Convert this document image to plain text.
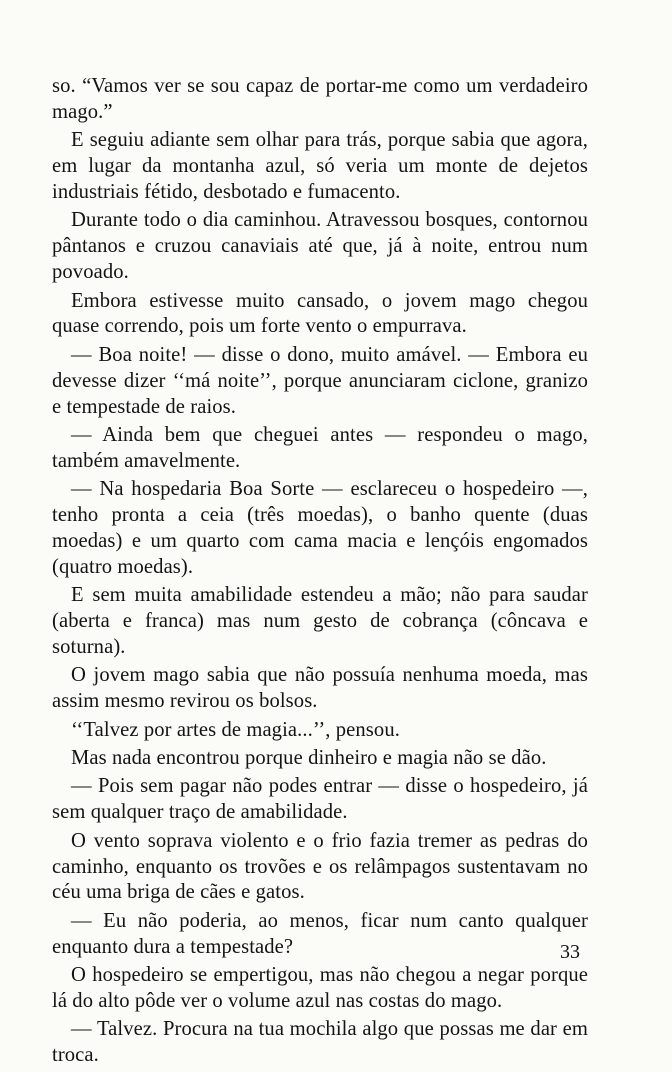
so. “Vamos ver se sou capaz de portar-me como um verdadeiro mago.”

E seguiu adiante sem olhar para trás, porque sabia que agora, em lugar da montanha azul, só veria um monte de dejetos industriais fétido, desbotado e fumacento.

Durante todo o dia caminhou. Atravessou bosques, contornou pântanos e cruzou canaviais até que, já à noite, entrou num povoado.

Embora estivesse muito cansado, o jovem mago chegou quase correndo, pois um forte vento o empurrava.

— Boa noite! — disse o dono, muito amável. — Embora eu devesse dizer ‘‘má noite’’, porque anunciaram ciclone, granizo e tempestade de raios.

— Ainda bem que cheguei antes — respondeu o mago, também amavelmente.

— Na hospedaria Boa Sorte — esclareceu o hospedeiro —, tenho pronta a ceia (três moedas), o banho quente (duas moedas) e um quarto com cama macia e lençóis engomados (quatro moedas).

E sem muita amabilidade estendeu a mão; não para saudar (aberta e franca) mas num gesto de cobrança (côncava e soturna).

O jovem mago sabia que não possuía nenhuma moeda, mas assim mesmo revirou os bolsos.

‘‘Talvez por artes de magia...’’, pensou.

Mas nada encontrou porque dinheiro e magia não se dão.

— Pois sem pagar não podes entrar — disse o hospedeiro, já sem qualquer traço de amabilidade.

O vento soprava violento e o frio fazia tremer as pedras do caminho, enquanto os trovões e os relâmpagos sustentavam no céu uma briga de cães e gatos.

— Eu não poderia, ao menos, ficar num canto qualquer enquanto dura a tempestade?

O hospedeiro se empertigou, mas não chegou a negar porque lá do alto pôde ver o volume azul nas costas do mago.

— Talvez. Procura na tua mochila algo que possas me dar em troca.

33
